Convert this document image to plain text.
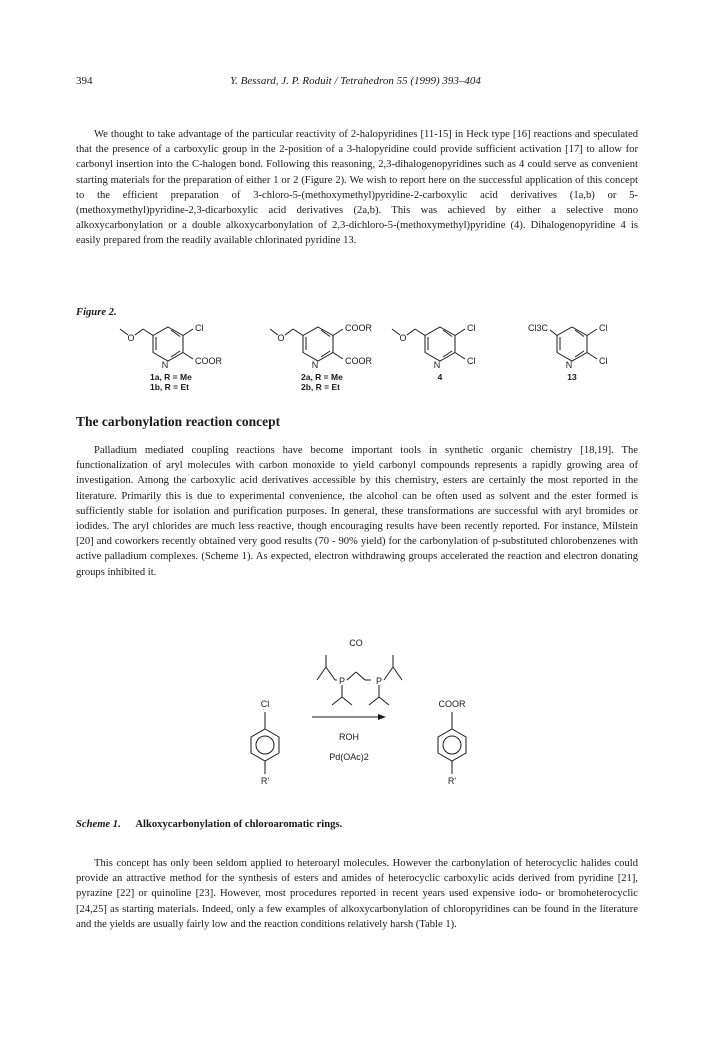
394	Y. Bessard, J. P. Roduit / Tetrahedron 55 (1999) 393–404

We thought to take advantage of the particular reactivity of 2-halopyridines [11-15] in Heck type [16] reactions and speculated that the presence of a carboxylic group in the 2-position of a 3-halopyridine could provide sufficient activation [17] to allow for carbonyl insertion into the C-halogen bond. Following this reasoning, 2,3-dihalogenopyridines such as 4 could serve as convenient starting materials for the preparation of either 1 or 2 (Figure 2). We wish to report here on the successful application of this concept to the efficient preparation of 3-chloro-5-(methoxymethyl)pyridine-2-carboxylic acid derivatives (1a,b) or 5-(methoxymethyl)pyridine-2,3-dicarboxylic acid derivatives (2a,b). This was achieved by either a selective mono alkoxycarbonylation or a double alkoxycarbonylation of 2,3-dichloro-5-(methoxymethyl)pyridine (4). Dihalogenopyridine 4 is easily prepared from the readily available chlorinated pyridine 13.

Figure 2.
Cl
COOR
N
O
1a, R = Me
1b, R = Et
COOR
COOR
N
O
2a, R = Me
2b, R = Et
Cl
Cl
N
O
4
Cl3C	Cl
Cl
N
13
The carbonylation reaction concept

Palladium mediated coupling reactions have become important tools in synthetic organic chemistry [18,19]. The functionalization of aryl molecules with carbon monoxide to yield carbonyl compounds represents a rapidly growing area of investigation. Among the carboxylic acid derivatives accessible by this chemistry, esters are certainly the most reported in the literature. Primarily this is due to experimental convenience, the alcohol can be often used as solvent and the ester formed is sufficiently stable for isolation and purification purposes. In general, these transformations are successful with aryl bromides or iodides. The aryl chlorides are much less reactive, though encouraging results have been recently reported. For instance, Milstein [20] and coworkers recently obtained very good results (70 - 90% yield) for the carbonylation of p-substituted chlorobenzenes with active palladium complexes. (Scheme 1). As expected, electron withdrawing groups accelerated the reaction and electron donating groups inhibited it.

CO
P	P
Cl
R'
COOR
R'
ROH
Pd(OAc)2
Scheme 1. Alkoxycarbonylation of chloroaromatic rings.

This concept has only been seldom applied to heteroaryl molecules. However the carbonylation of heterocyclic halides could provide an attractive method for the synthesis of esters and amides of heterocyclic carboxylic acids derived from pyridine [21], pyrazine [22] or quinoline [23]. However, most procedures reported in recent years used expensive iodo- or bromoheterocyclic [24,25] as starting materials. Indeed, only a few examples of alkoxycarbonylation of chloropyridines can be found in the literature and the yields are usually fairly low and the reaction conditions relatively harsh (Table 1).
